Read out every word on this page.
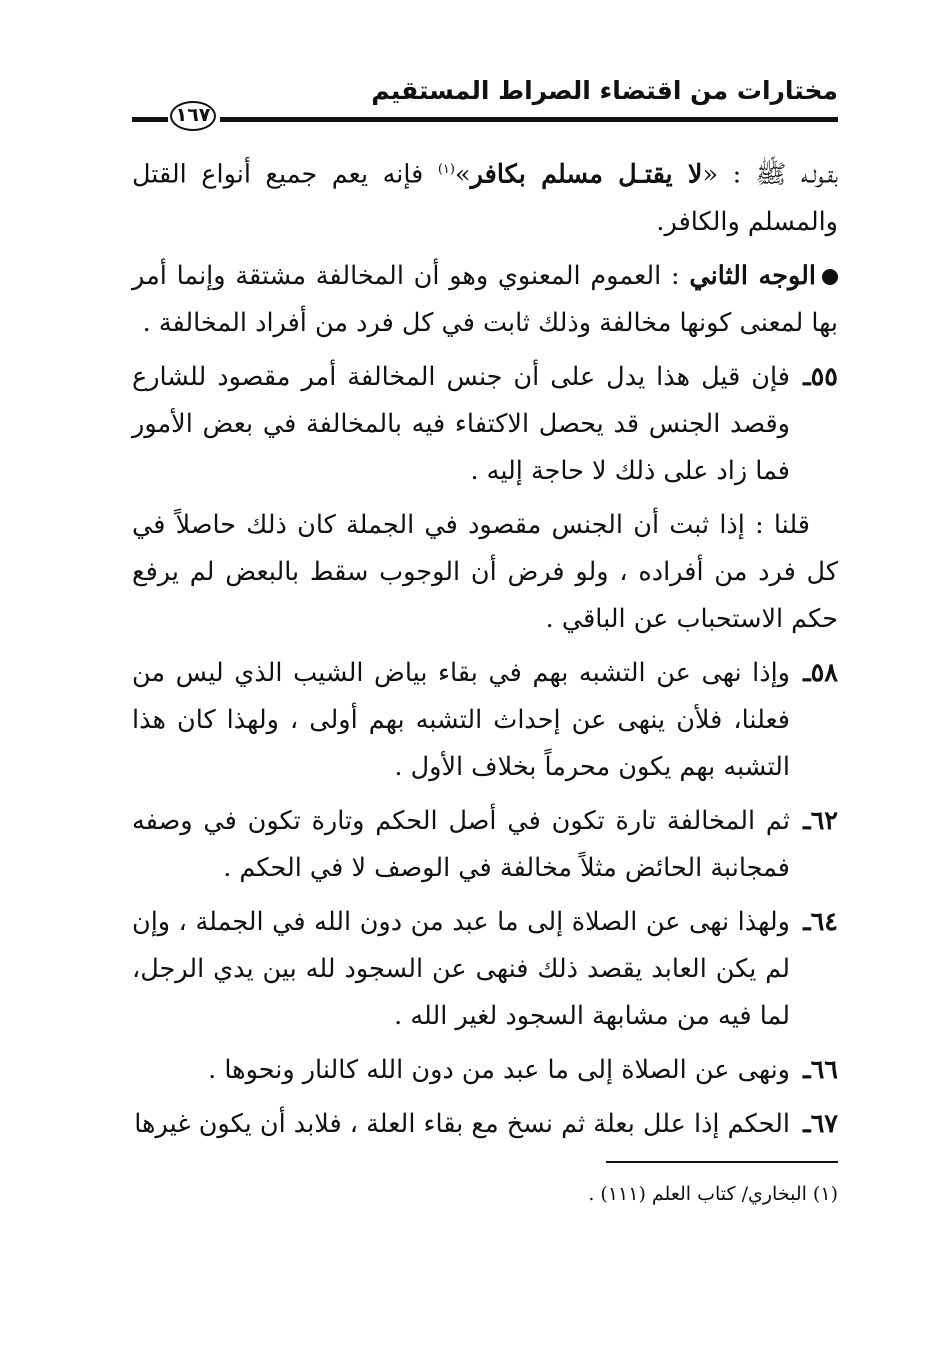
مختارات من اقتضاء الصراط المستقيم
١٦٧

بقـولـه ﷺ : «لا يقتـل مسلم بكافر»$^{(١)}$ فإنه يعم جميع أنواع القتل والمسلم والكافر.

الوجه الثاني : العموم المعنوي وهو أن المخالفة مشتقة وإنما أمر بها لمعنى كونها مخالفة وذلك ثابت في كل فرد من أفراد المخالفة .

٥٥ـ
فإن قيل هذا يدل على أن جنس المخالفة أمر مقصود للشارع وقصد الجنس قد يحصل الاكتفاء فيه بالمخالفة في بعض الأمور فما زاد على ذلك لا حاجة إليه .

قلنا : إذا ثبت أن الجنس مقصود في الجملة كان ذلك حاصلاً في كل فرد من أفراده ، ولو فرض أن الوجوب سقط بالبعض لم يرفع حكم الاستحباب عن الباقي .

٥٨ـ
وإذا نهى عن التشبه بهم في بقاء بياض الشيب الذي ليس من فعلنا، فلأن ينهى عن إحداث التشبه بهم أولى ، ولهذا كان هذا التشبه بهم يكون محرماً بخلاف الأول .
٦٢ـ
ثم المخالفة تارة تكون في أصل الحكم وتارة تكون في وصفه فمجانبة الحائض مثلاً مخالفة في الوصف لا في الحكم .
٦٤ـ
ولهذا نهى عن الصلاة إلى ما عبد من دون الله في الجملة ، وإن لم يكن العابد يقصد ذلك فنهى عن السجود لله بين يدي الرجل، لما فيه من مشابهة السجود لغير الله .
٦٦ـ
ونهى عن الصلاة إلى ما عبد من دون الله كالنار ونحوها .
٦٧ـ
الحكم إذا علل بعلة ثم نسخ مع بقاء العلة ، فلابد أن يكون غيرها
(١) البخاري/ كتاب العلم (١١١) .
